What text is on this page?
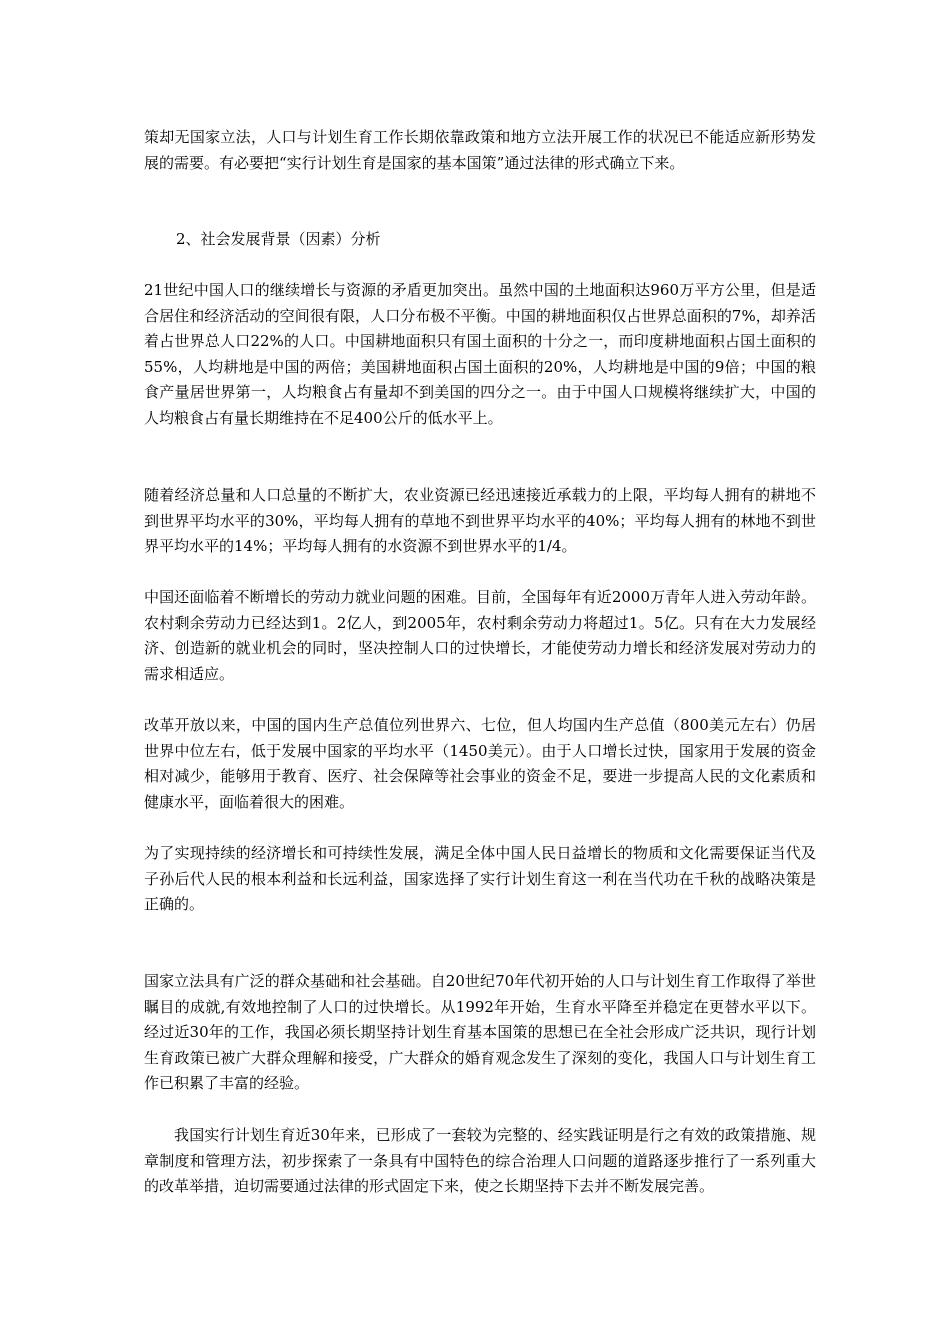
策却无国家立法，人口与计划生育工作长期依靠政策和地方立法开展工作的状况已不能适应新形势发展的需要。有必要把“实行计划生育是国家的基本国策”通过法律的形式确立下来。

2、社会发展背景（因素）分析

21世纪中国人口的继续增长与资源的矛盾更加突出。虽然中国的土地面积达960万平方公里，但是适合居住和经济活动的空间很有限，人口分布极不平衡。中国的耕地面积仅占世界总面积的7%，却养活着占世界总人口22%的人口。中国耕地面积只有国土面积的十分之一，而印度耕地面积占国土面积的55%，人均耕地是中国的两倍；美国耕地面积占国土面积的20%，人均耕地是中国的9倍；中国的粮食产量居世界第一，人均粮食占有量却不到美国的四分之一。由于中国人口规模将继续扩大，中国的人均粮食占有量长期维持在不足400公斤的低水平上。

随着经济总量和人口总量的不断扩大，农业资源已经迅速接近承载力的上限，平均每人拥有的耕地不到世界平均水平的30%，平均每人拥有的草地不到世界平均水平的40%；平均每人拥有的林地不到世界平均水平的14%；平均每人拥有的水资源不到世界水平的1/4。

中国还面临着不断增长的劳动力就业问题的困难。目前，全国每年有近2000万青年人进入劳动年龄。农村剩余劳动力已经达到1。2亿人，到2005年，农村剩余劳动力将超过1。5亿。只有在大力发展经济、创造新的就业机会的同时，坚决控制人口的过快增长，才能使劳动力增长和经济发展对劳动力的需求相适应。

改革开放以来，中国的国内生产总值位列世界六、七位，但人均国内生产总值（800美元左右）仍居世界中位左右，低于发展中国家的平均水平（1450美元）。由于人口增长过快，国家用于发展的资金相对减少，能够用于教育、医疗、社会保障等社会事业的资金不足，要进一步提高人民的文化素质和健康水平，面临着很大的困难。

为了实现持续的经济增长和可持续性发展，满足全体中国人民日益增长的物质和文化需要保证当代及子孙后代人民的根本利益和长远利益，国家选择了实行计划生育这一利在当代功在千秋的战略决策是正确的。

国家立法具有广泛的群众基础和社会基础。自20世纪70年代初开始的人口与计划生育工作取得了举世瞩目的成就,有效地控制了人口的过快增长。从1992年开始，生育水平降至并稳定在更替水平以下。经过近30年的工作，我国必须长期坚持计划生育基本国策的思想已在全社会形成广泛共识，现行计划生育政策已被广大群众理解和接受，广大群众的婚育观念发生了深刻的变化，我国人口与计划生育工作已积累了丰富的经验。

我国实行计划生育近30年来，已形成了一套较为完整的、经实践证明是行之有效的政策措施、规章制度和管理方法，初步探索了一条具有中国特色的综合治理人口问题的道路逐步推行了一系列重大的改革举措，迫切需要通过法律的形式固定下来，使之长期坚持下去并不断发展完善。
